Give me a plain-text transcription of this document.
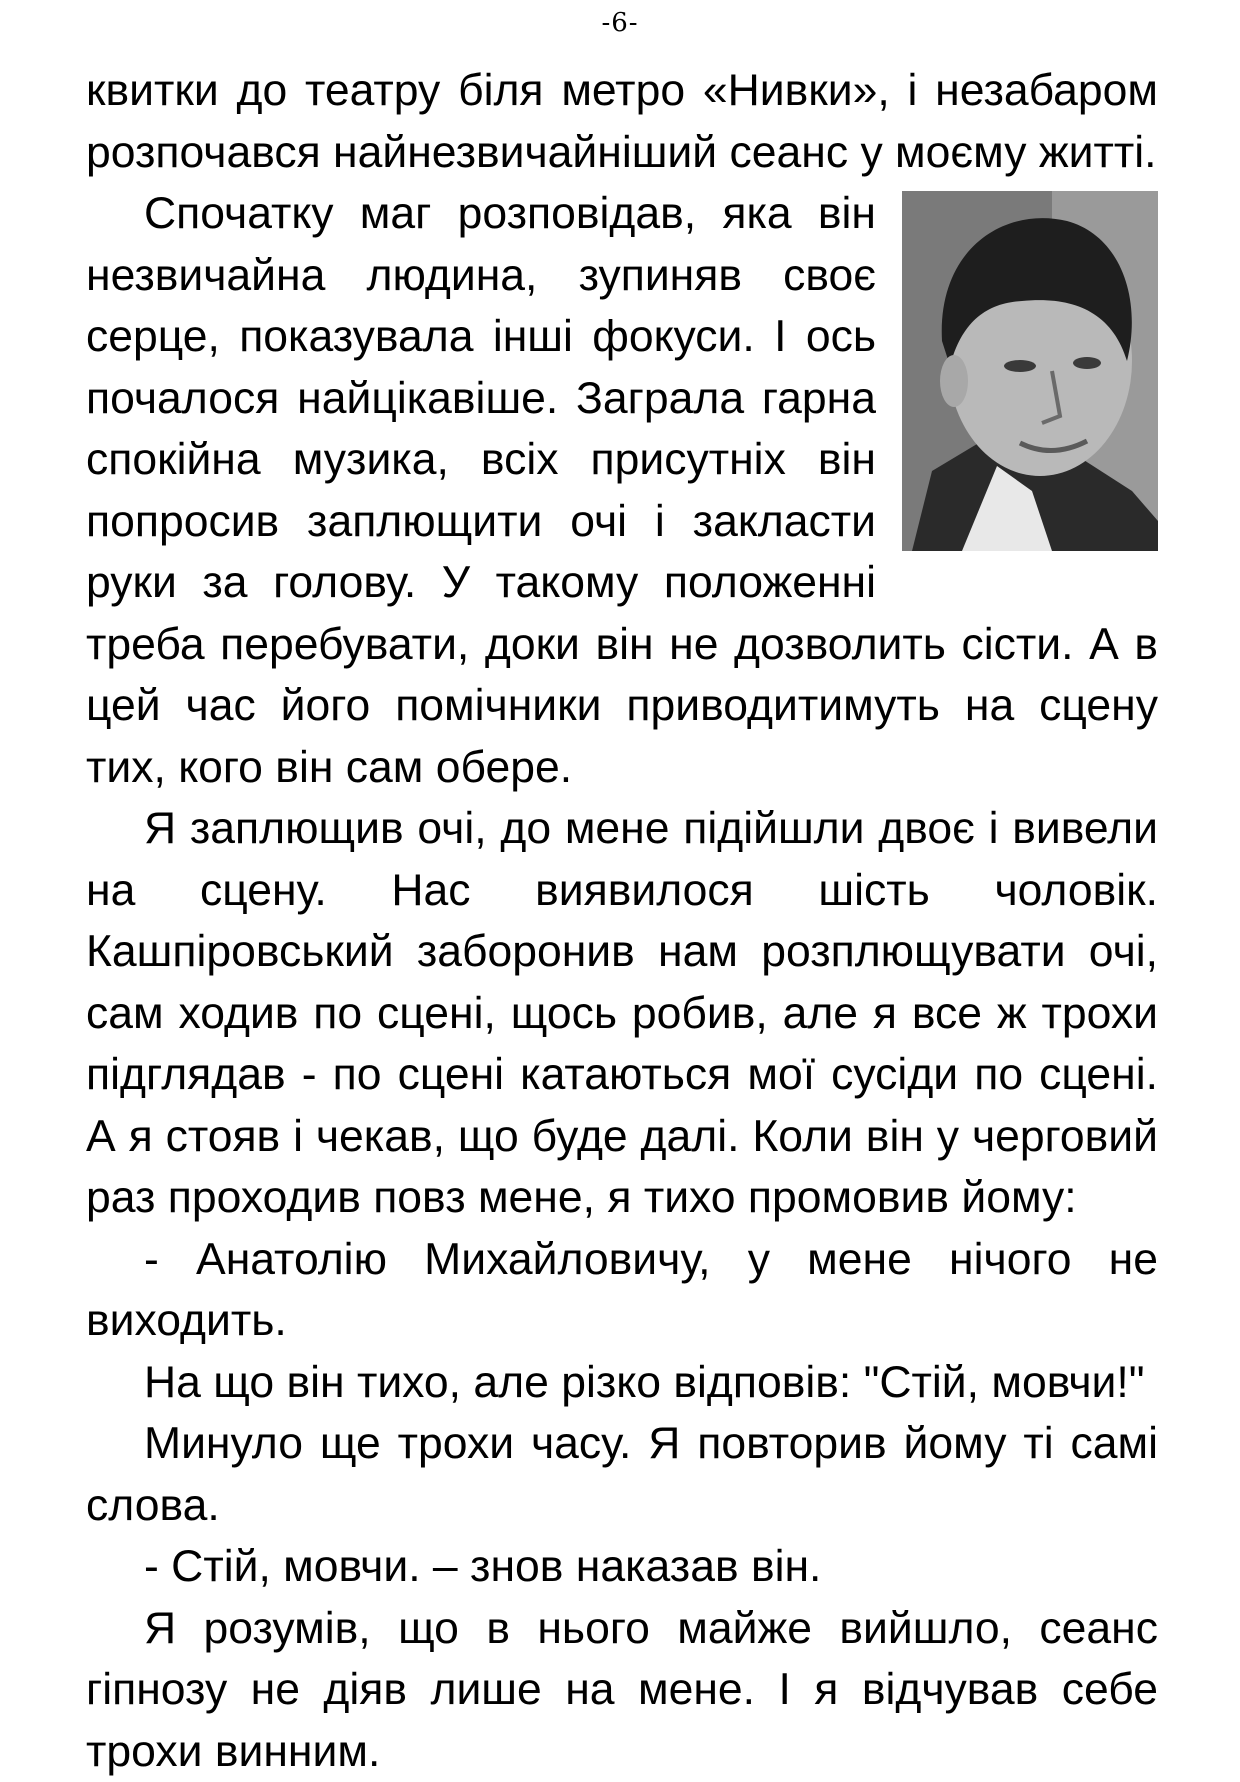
-6-

квитки до театру біля метро «Нивки», і незабаром розпочався найнезвичайніший сеанс у моєму житті.

Спочатку маг розповідав, яка він незвичайна людина, зупиняв своє серце, показувала інші фокуси. І ось почалося найцікавіше. Заграла гарна спокійна музика, всіх присутніх він попросив заплющити очі і закласти руки за голову. У такому положенні треба перебувати, доки він не дозволить сісти. А в цей час його помічники приводитимуть на сцену тих, кого він сам обере.

Я заплющив очі, до мене підійшли двоє і вивели на сцену. Нас виявилося шість чоловік. Кашпіровський заборонив нам розплющувати очі, сам ходив по сцені, щось робив, але я все ж трохи підглядав - по сцені катаються мої сусіди по сцені. А я стояв і чекав, що буде далі. Коли він у черговий раз проходив повз мене, я тихо промовив йому:

- Анатолію Михайловичу, у мене нічого не виходить.

На що він тихо, але різко відповів: "Стій, мовчи!"

Минуло ще трохи часу. Я повторив йому ті самі слова.

- Стій, мовчи. – знов наказав він.

Я розумів, що в нього майже вийшло, сеанс гіпнозу не діяв лише на мене. І я відчував себе трохи винним.
